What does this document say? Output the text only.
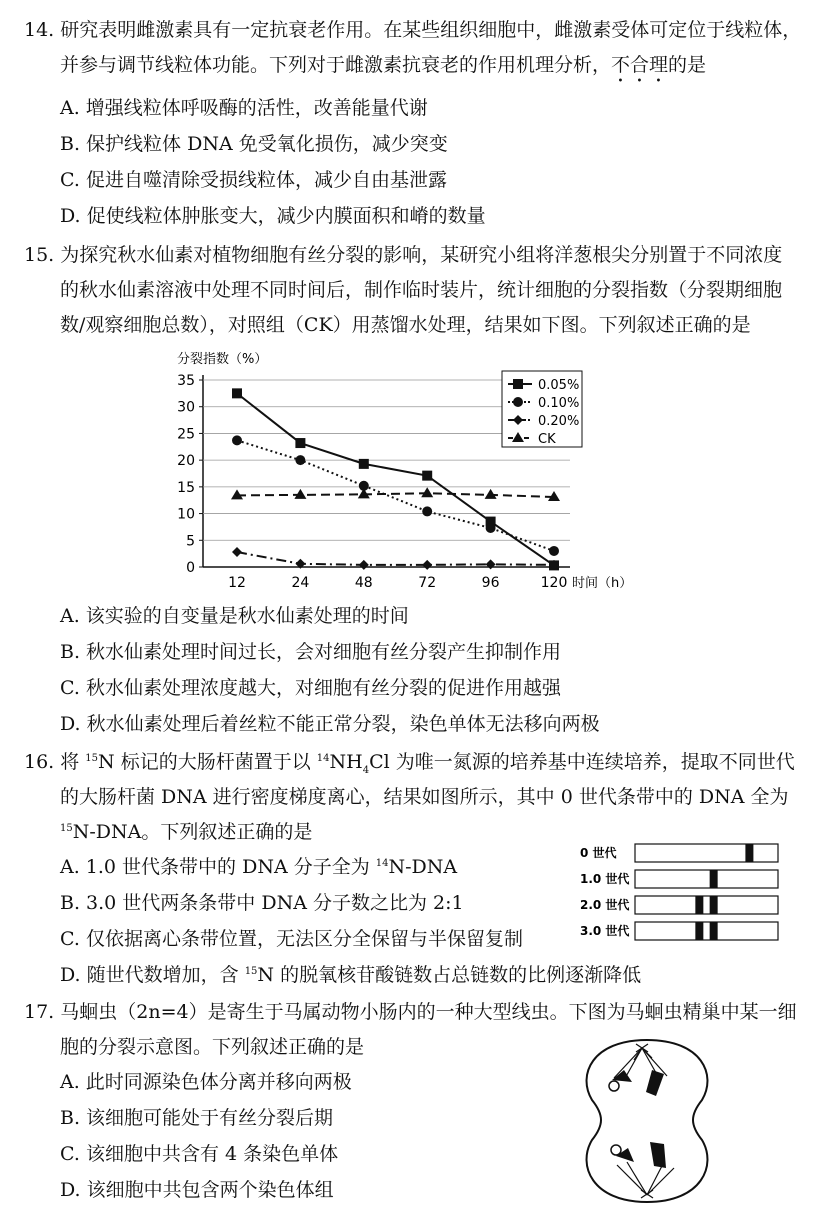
14. 研究表明雌激素具有一定抗衰老作用。在某些组织细胞中，雌激素受体可定位于线粒体，
并参与调节线粒体功能。下列对于雌激素抗衰老的作用机理分析，不合理的是
A. 增强线粒体呼吸酶的活性，改善能量代谢
B. 保护线粒体 DNA 免受氧化损伤，减少突变
C. 促进自噬清除受损线粒体，减少自由基泄露
D. 促使线粒体肿胀变大，减少内膜面积和嵴的数量
15. 为探究秋水仙素对植物细胞有丝分裂的影响，某研究小组将洋葱根尖分别置于不同浓度
的秋水仙素溶液中处理不同时间后，制作临时装片，统计细胞的分裂指数（分裂期细胞
数/观察细胞总数），对照组（CK）用蒸馏水处理，结果如下图。下列叙述正确的是
分裂指数（%）
0
5
10
15
20
25
30
35
12	24	48	72	96	120 时间（h）
0.05%
0.10%
0.20%
CK
A. 该实验的自变量是秋水仙素处理的时间
B. 秋水仙素处理时间过长，会对细胞有丝分裂产生抑制作用
C. 秋水仙素处理浓度越大，对细胞有丝分裂的促进作用越强
D. 秋水仙素处理后着丝粒不能正常分裂，染色单体无法移向两极
16. 将 $^{15}$N 标记的大肠杆菌置于以 $^{14}NH_4Cl$ 为唯一氮源的培养基中连续培养，提取不同世代
的大肠杆菌 DNA 进行密度梯度离心，结果如图所示，其中 0 世代条带中的 DNA 全为
$^{15}$N-DNA。下列叙述正确的是
A. 1.0 世代条带中的 DNA 分子全为 $^{14}$N-DNA
B. 3.0 世代两条条带中 DNA 分子数之比为 2:1
C. 仅依据离心条带位置，无法区分全保留与半保留复制
D. 随世代数增加，含 $^{15}$N 的脱氧核苷酸链数占总链数的比例逐渐降低
0 世代
1.0 世代
2.0 世代
3.0 世代
17. 马蛔虫（2n=4）是寄生于马属动物小肠内的一种大型线虫。下图为马蛔虫精巢中某一细
胞的分裂示意图。下列叙述正确的是
A. 此时同源染色体分离并移向两极
B. 该细胞可能处于有丝分裂后期
C. 该细胞中共含有 4 条染色单体
D. 该细胞中共包含两个染色体组
